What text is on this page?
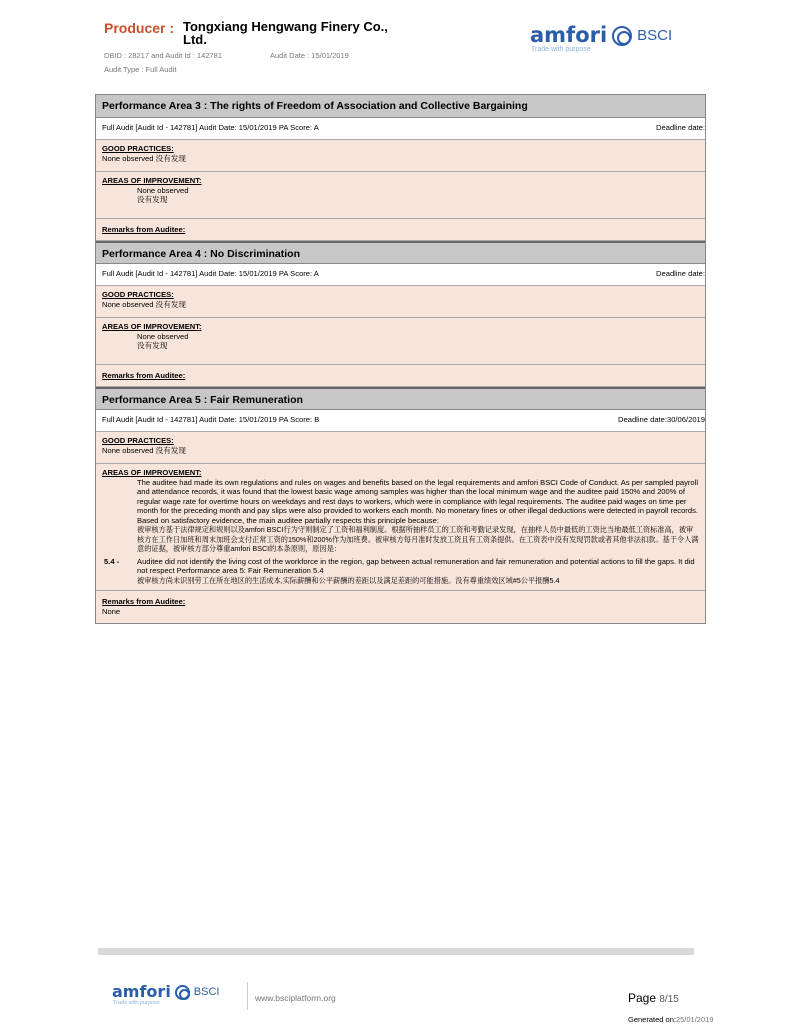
Producer : Tongxiang Hengwang Finery Co., Ltd.
DBID : 28217 and Audit Id : 142781	Audit Date : 15/01/2019
Audit Type : Full Audit
amfori
Trade with purpose
BSCI
Performance Area 3 : The rights of Freedom of Association and Collective Bargaining
Full Audit [Audit Id - 142781] Audit Date: 15/01/2019 PA Score: A	Deadline date:
GOOD PRACTICES:
None observed 没有发现
AREAS OF IMPROVEMENT:
None observed
没有发现
Remarks from Auditee:
Performance Area 4 : No Discrimination
Full Audit [Audit Id - 142781] Audit Date: 15/01/2019 PA Score: A	Deadline date:
GOOD PRACTICES:
None observed 没有发现
AREAS OF IMPROVEMENT:
None observed
没有发现
Remarks from Auditee:
Performance Area 5 : Fair Remuneration
Full Audit [Audit Id - 142781] Audit Date: 15/01/2019 PA Score: B	Deadline date:30/06/2019
GOOD PRACTICES:
None observed 没有发现
AREAS OF IMPROVEMENT:
The auditee had made its own regulations and rules on wages and benefits based on the legal requirements and amfori BSCI Code of Conduct. As per sampled payroll and attendance records, it was found that the lowest basic wage among samples was higher than the local minimum wage and the auditee paid 150% and 200% of regular wage rate for overtime hours on weekdays and rest days to workers, which were in compliance with legal requirements. The auditee paid wages on time per month for the preceding month and pay slips were also provided to workers each month. No monetary fines or other illegal deductions were detected in payroll records. Based on satisfactory evidence, the main auditee partially respects this principle because:
被审核方基于法律规定和规则以及amfori BSCI行为守则制定了工资和福利制度。根据所抽样员工的工资和考勤记录发现，在抽样人员中最低的工资比当地最低工资标准高，被审核方在工作日加班和周末加班会支付正常工资的150%和200%作为加班费。被审核方每月准时发放工资且有工资条提供。在工资表中没有发现罚款或者其他非法扣款。基于令人满意的证据，被审核方部分尊重amfori BSCI的本条原则，原因是：
5.4 -	Auditee did not identify the living cost of the workforce in the region, gap between actual remuneration and fair remuneration and potential actions to fill the gaps. It did not respect Performance area 5: Fair Remuneration 5.4
被审核方尚未识别劳工在所在地区的生活成本,实际薪酬和公平薪酬的差距以及满足差距的可能措施。没有尊重绩效区域#5公平报酬5.4
Remarks from Auditee:
None
amfori
Trade with purpose
BSCI	www.bsciplatform.org	Page 8/15
Generated on:25/01/2019
